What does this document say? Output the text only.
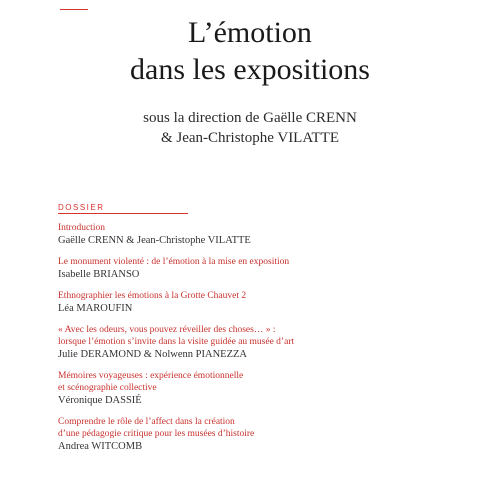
L’émotion
dans les expositions
sous la direction de Gaëlle CRENN
& Jean-Christophe VILATTE
DOSSIER
Introduction
Gaëlle CRENN & Jean-Christophe VILATTE
Le monument violenté : de l’émotion à la mise en exposition
Isabelle BRIANSO
Ethnographier les émotions à la Grotte Chauvet 2
Léa MAROUFIN
« Avec les odeurs, vous pouvez réveiller des choses… » :
lorsque l’émotion s’invite dans la visite guidée au musée d’art
Julie DERAMOND & Nolwenn PIANEZZA
Mémoires voyageuses : expérience émotionnelle
et scénographie collective
Véronique DASSIÉ
Comprendre le rôle de l’affect dans la création
d’une pédagogie critique pour les musées d’histoire
Andrea WITCOMB
